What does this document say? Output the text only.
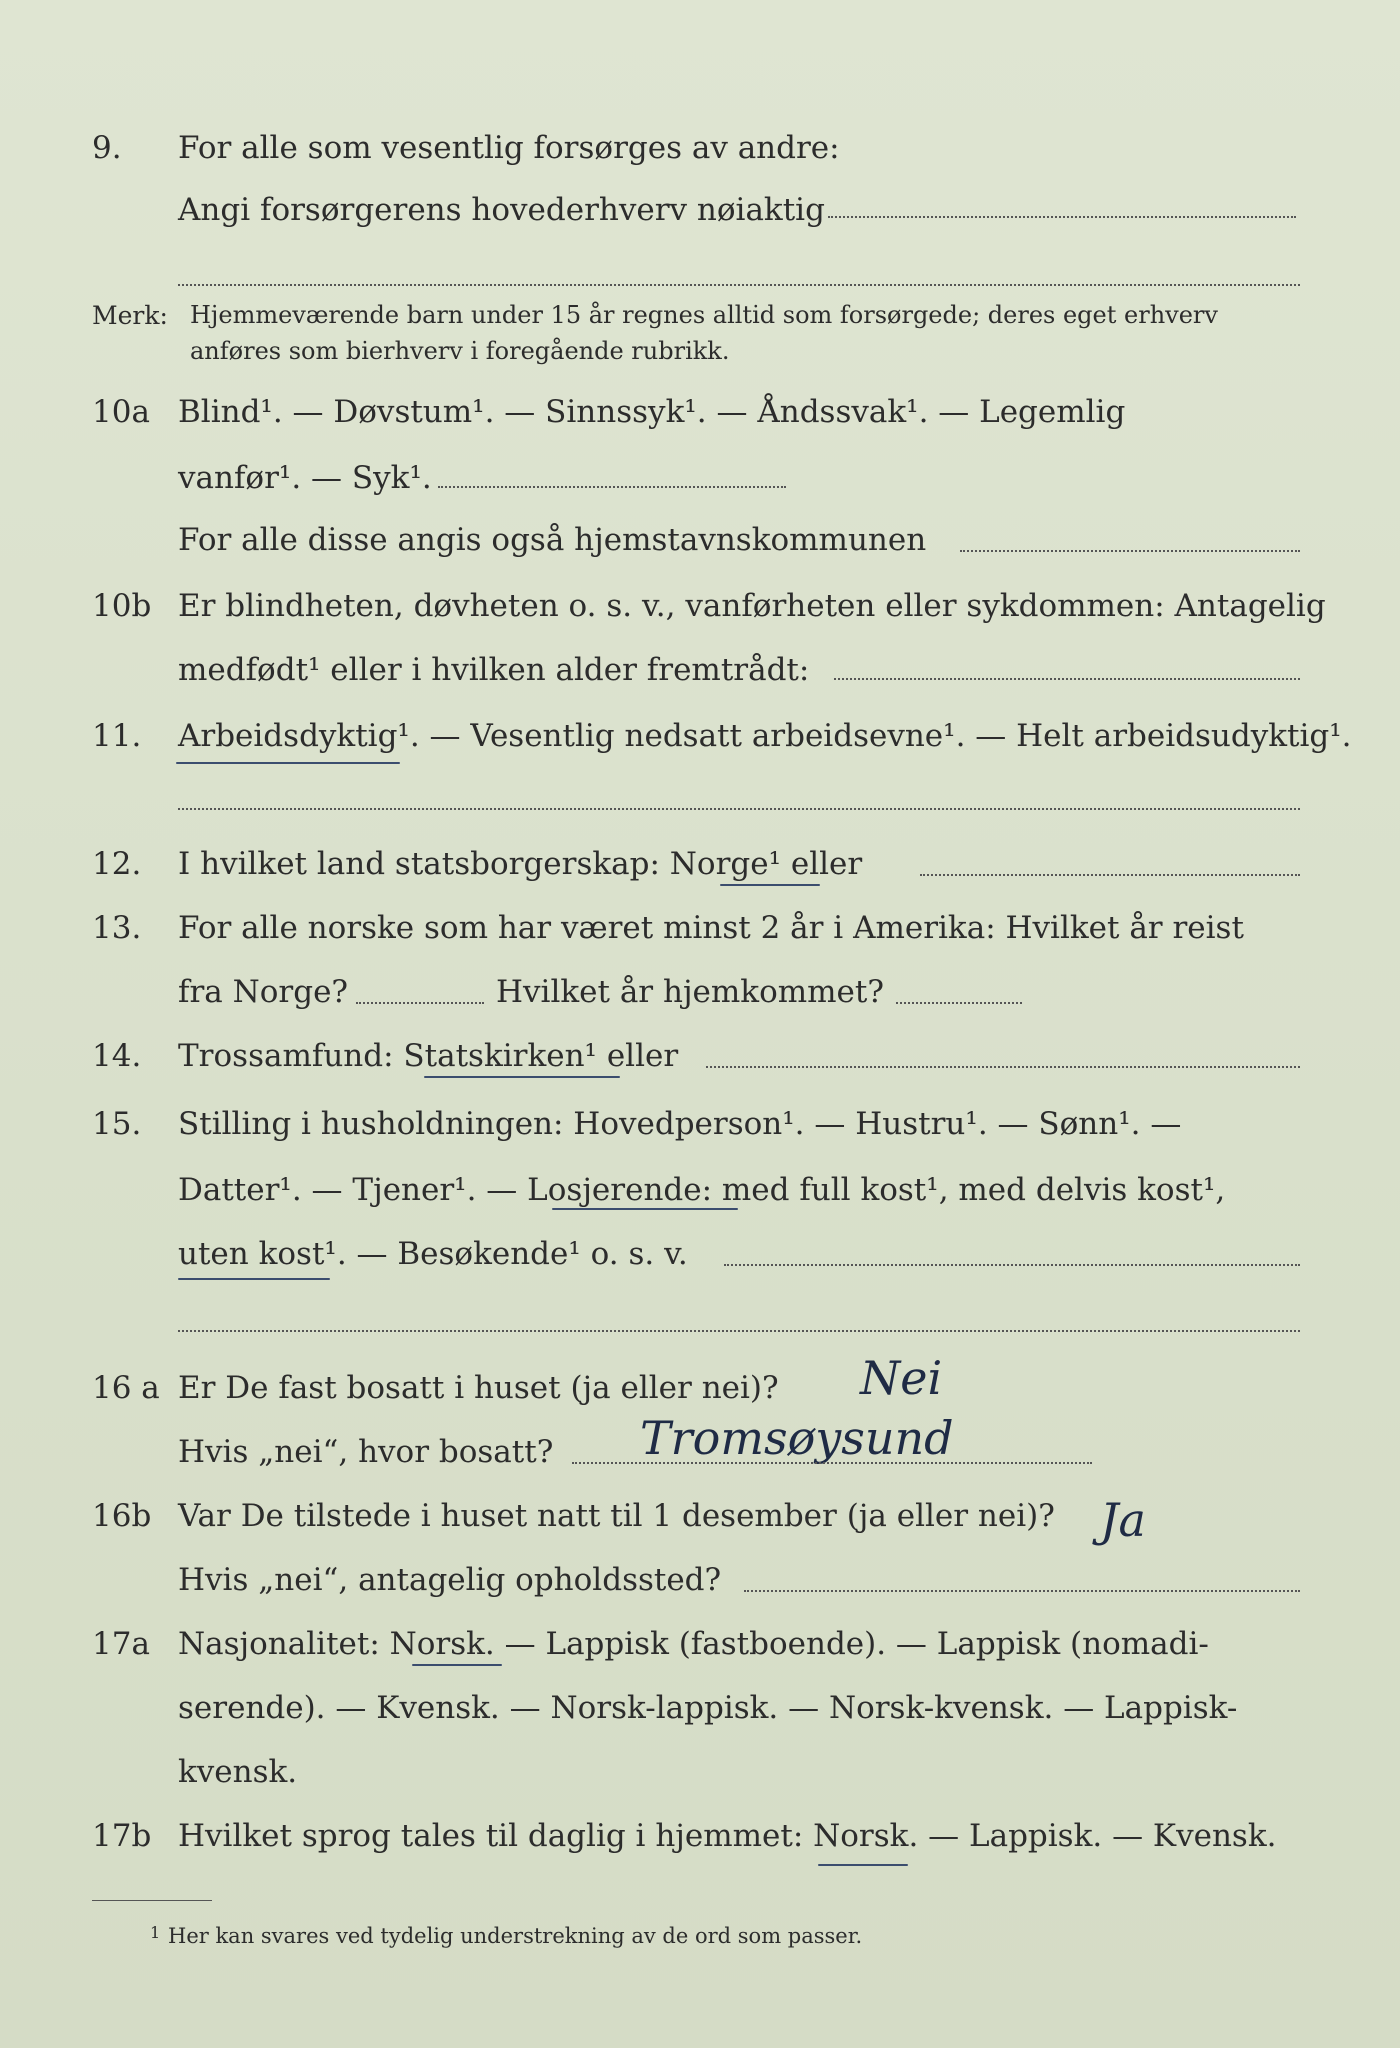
9. For alle som vesentlig forsørges av andre:
Angi forsørgerens hovederhverv nøiaktig
Merk: Hjemmeværende barn under 15 år regnes alltid som forsørgede; deres eget erhverv
anføres som bierhverv i foregående rubrikk.
10a Blind¹. — Døvstum¹. — Sinnssyk¹. — Åndssvak¹. — Legemlig
vanfør¹. — Syk¹.
For alle disse angis også hjemstavnskommunen
10b Er blindheten, døvheten o. s. v., vanførheten eller sykdommen: Antagelig
medfødt¹ eller i hvilken alder fremtrådt:
11. Arbeidsdyktig¹. — Vesentlig nedsatt arbeidsevne¹. — Helt arbeidsudyktig¹.
12. I hvilket land statsborgerskap: Norge¹ eller
13. For alle norske som har været minst 2 år i Amerika: Hvilket år reist
fra Norge?	Hvilket år hjemkommet?
14. Trossamfund: Statskirken¹ eller
15. Stilling i husholdningen: Hovedperson¹. — Hustru¹. — Sønn¹. —
Datter¹. — Tjener¹. — Losjerende: med full kost¹, med delvis kost¹,
uten kost¹. — Besøkende¹ o. s. v.
16 a Er De fast bosatt i huset (ja eller nei)? Nei
Hvis „nei“, hvor bosatt? Tromsøysund
16b Var De tilstede i huset natt til 1 desember (ja eller nei)? Ja
Hvis „nei“, antagelig opholdssted?
17a Nasjonalitet: Norsk. — Lappisk (fastboende). — Lappisk (nomadi-
serende). — Kvensk. — Norsk-lappisk. — Norsk-kvensk. — Lappisk-
kvensk.
17b Hvilket sprog tales til daglig i hjemmet: Norsk. — Lappisk. — Kvensk.
1 Her kan svares ved tydelig understrekning av de ord som passer.
